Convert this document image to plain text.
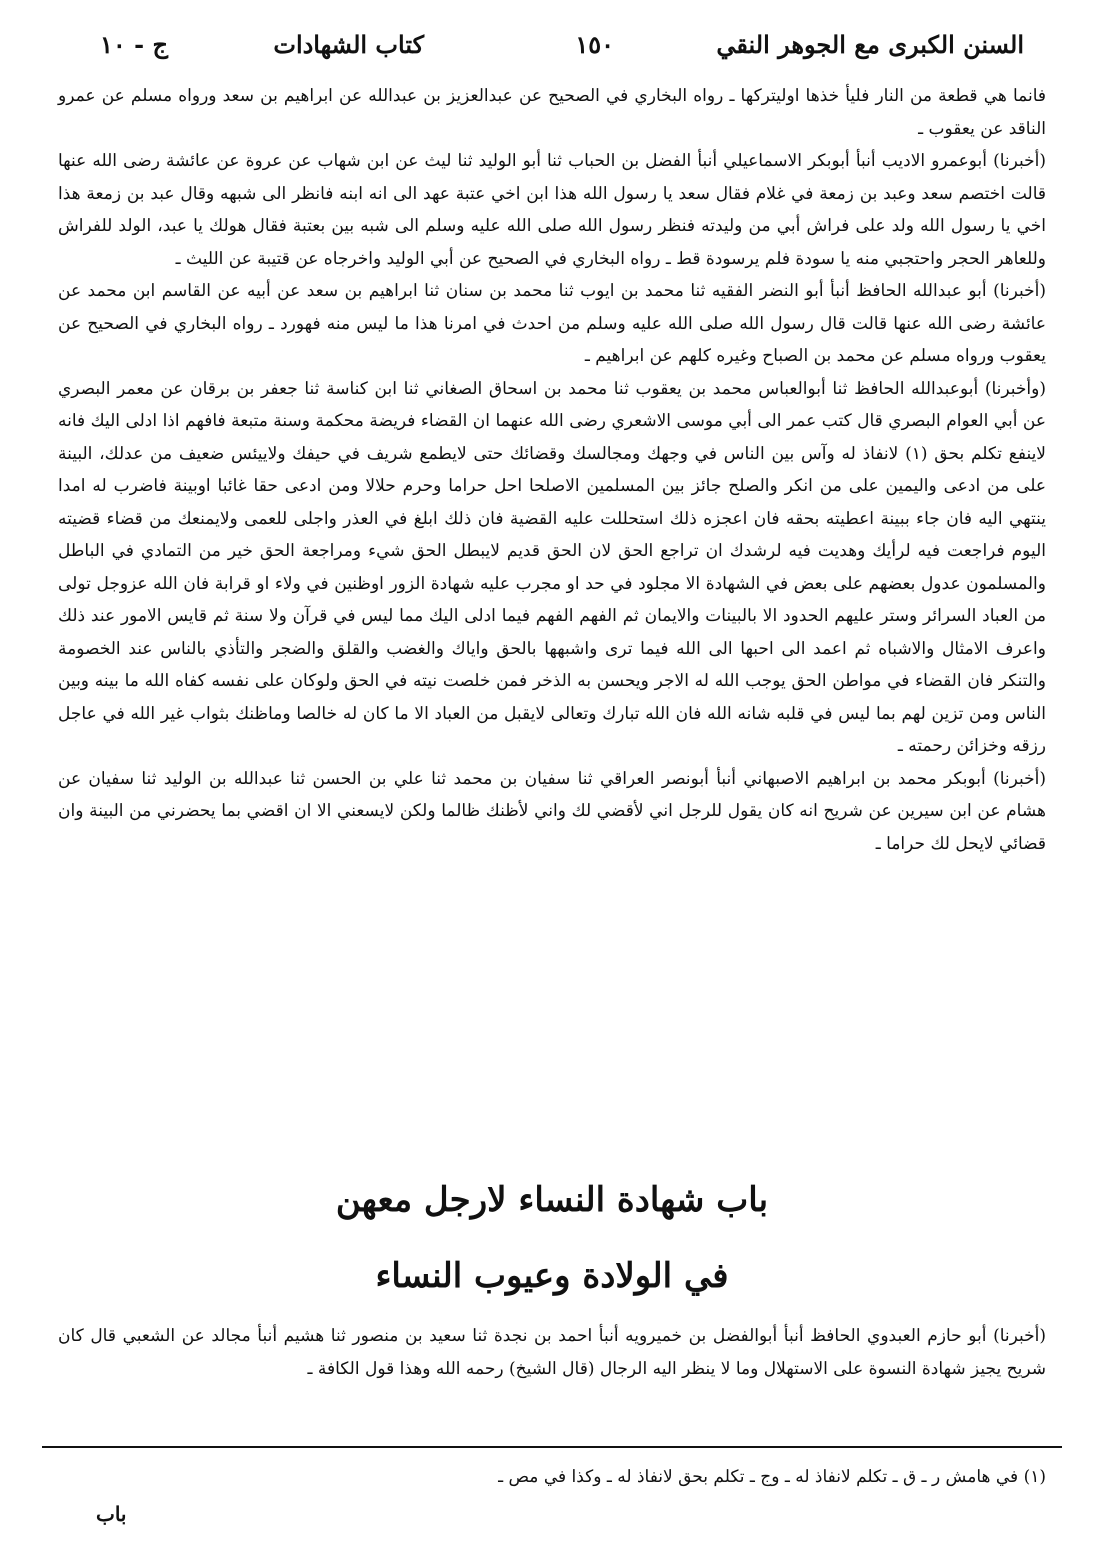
السنن الكبرى مع الجوهر النقي
١٥٠
كتاب الشهادات
ج - ١٠

فانما هي قطعة من النار فليأ خذها اوليتركها ـ رواه البخاري في الصحيح عن عبدالعزيز بن عبدالله عن ابراهيم بن سعد ورواه مسلم عن عمرو الناقد عن يعقوب ـ

(أخبرنا) أبوعمرو الاديب أنبأ أبوبكر الاسماعيلي أنبأ الفضل بن الحباب ثنا أبو الوليد ثنا ليث عن ابن شهاب عن عروة عن عائشة رضى الله عنها قالت اختصم سعد وعبد بن زمعة في غلام فقال سعد يا رسول الله هذا ابن اخي عتبة عهد الى انه ابنه فانظر الى شبهه وقال عبد بن زمعة هذا اخي يا رسول الله ولد على فراش أبي من وليدته فنظر رسول الله صلى الله عليه وسلم الى شبه بين بعتبة فقال هولك يا عبد، الولد للفراش وللعاهر الحجر واحتجبي منه يا سودة فلم يرسودة قط ـ رواه البخاري في الصحيح عن أبي الوليد واخرجاه عن قتيبة عن الليث ـ

(أخبرنا) أبو عبدالله الحافظ أنبأ أبو النضر الفقيه ثنا محمد بن ايوب ثنا محمد بن سنان ثنا ابراهيم بن سعد عن أبيه عن القاسم ابن محمد عن عائشة رضى الله عنها قالت قال رسول الله صلى الله عليه وسلم من احدث في امرنا هذا ما ليس منه فهورد ـ رواه البخاري في الصحيح عن يعقوب ورواه مسلم عن محمد بن الصباح وغيره كلهم عن ابراهيم ـ

(وأخبرنا) أبوعبدالله الحافظ ثنا أبوالعباس محمد بن يعقوب ثنا محمد بن اسحاق الصغاني ثنا ابن كناسة ثنا جعفر بن برقان عن معمر البصري عن أبي العوام البصري قال كتب عمر الى أبي موسى الاشعري رضى الله عنهما ان القضاء فريضة محكمة وسنة متبعة فافهم اذا ادلى اليك فانه لاينفع تكلم بحق (١) لانفاذ له وآس بين الناس في وجهك ومجالسك وقضائك حتى لايطمع شريف في حيفك ولاييئس ضعيف من عدلك، البينة على من ادعى واليمين على من انكر والصلح جائز بين المسلمين الاصلحا احل حراما وحرم حلالا ومن ادعى حقا غائبا اوبينة فاضرب له امدا ينتهي اليه فان جاء ببينة اعطيته بحقه فان اعجزه ذلك استحللت عليه القضية فان ذلك ابلغ في العذر واجلى للعمى ولايمنعك من قضاء قضيته اليوم فراجعت فيه لرأيك وهديت فيه لرشدك ان تراجع الحق لان الحق قديم لايبطل الحق شيء ومراجعة الحق خير من التمادي في الباطل والمسلمون عدول بعضهم على بعض في الشهادة الا مجلود في حد او مجرب عليه شهادة الزور اوظنين في ولاء او قرابة فان الله عزوجل تولى من العباد السرائر وستر عليهم الحدود الا بالبينات والايمان ثم الفهم الفهم فيما ادلى اليك مما ليس في قرآن ولا سنة ثم قايس الامور عند ذلك واعرف الامثال والاشباه ثم اعمد الى احبها الى الله فيما ترى واشبهها بالحق واياك والغضب والقلق والضجر والتأذي بالناس عند الخصومة والتنكر فان القضاء في مواطن الحق يوجب الله له الاجر ويحسن به الذخر فمن خلصت نيته في الحق ولوكان على نفسه كفاه الله ما بينه وبين الناس ومن تزين لهم بما ليس في قلبه شانه الله فان الله تبارك وتعالى لايقبل من العباد الا ما كان له خالصا وماظنك بثواب غير الله في عاجل رزقه وخزائن رحمته ـ

(أخبرنا) أبوبكر محمد بن ابراهيم الاصبهاني أنبأ أبونصر العراقي ثنا سفيان بن محمد ثنا علي بن الحسن ثنا عبدالله بن الوليد ثنا سفيان عن هشام عن ابن سيرين عن شريح انه كان يقول للرجل اني لأقضي لك واني لأظنك ظالما ولكن لايسعني الا ان اقضي بما يحضرني من البينة وان قضائي لايحل لك حراما ـ

باب شهادة النساء لارجل معهن
في الولادة وعيوب النساء

(أخبرنا) أبو حازم العبدوي الحافظ أنبأ أبوالفضل بن خميرويه أنبأ احمد بن نجدة ثنا سعيد بن منصور ثنا هشيم أنبأ مجالد عن الشعبي قال كان شريح يجيز شهادة النسوة على الاستهلال وما لا ينظر اليه الرجال (قال الشيخ) رحمه الله وهذا قول الكافة ـ

(١) في هامش ر ـ ق ـ تكلم لانفاذ له ـ وج ـ تكلم بحق لانفاذ له ـ وكذا في مص ـ
باب
